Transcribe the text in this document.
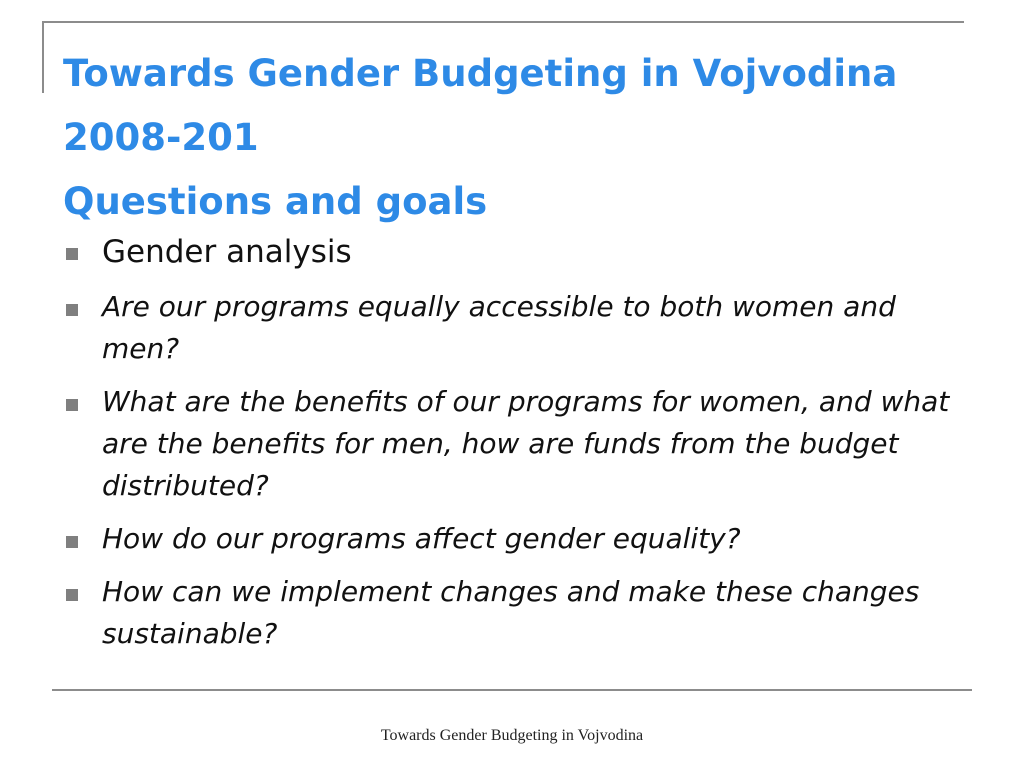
Towards Gender Budgeting in Vojvodina
2008-201
Questions and goals
Gender analysis
Are our programs equally accessible to both women and men?
What are the benefits of our programs for women, and what are the benefits for men, how are funds from the budget distributed?
How do our programs affect gender equality?
How can we implement changes and make these changes sustainable?
Towards Gender Budgeting in Vojvodina
